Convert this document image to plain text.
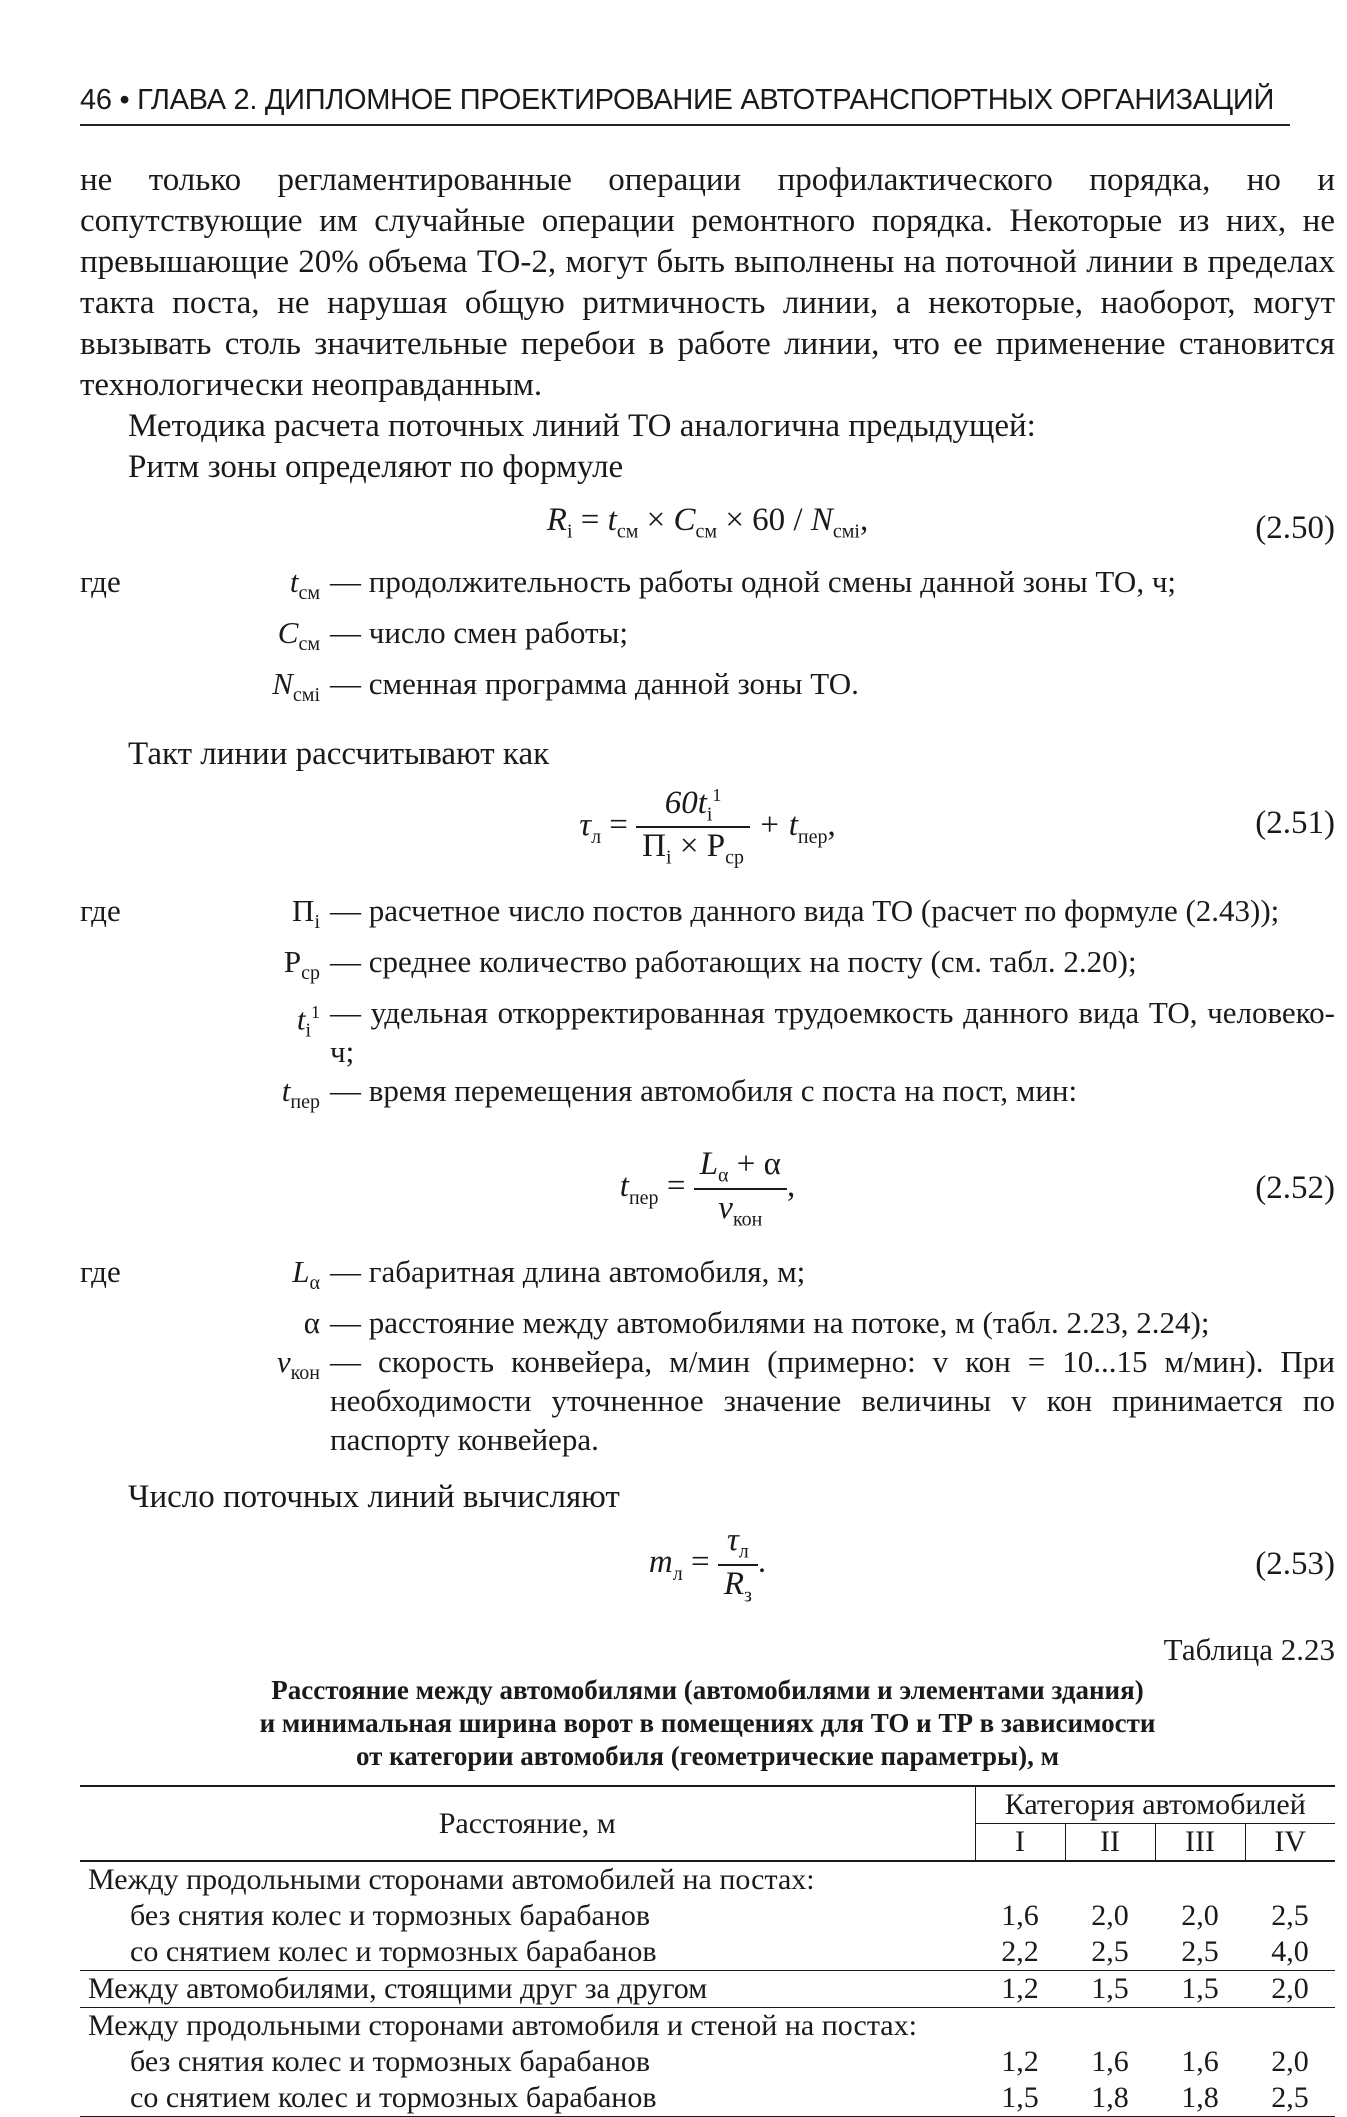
46 • ГЛАВА 2. ДИПЛОМНОЕ ПРОЕКТИРОВАНИЕ АВТОТРАНСПОРТНЫХ ОРГАНИЗАЦИЙ

не только регламентированные операции профилактического порядка, но и сопутствующие им случайные операции ремонтного порядка. Некоторые из них, не превышающие 20% объема ТО-2, могут быть выполнены на поточной линии в пределах такта поста, не нарушая общую ритмичность линии, а некоторые, наоборот, могут вызывать столь значительные перебои в работе линии, что ее применение становится технологически неоправданным.

Методика расчета поточных линий ТО аналогична предыдущей:

Ритм зоны определяют по формуле

$R_i = t_{см} \times C_{см} \times 60 / N_{смi}$,	(2.50)
где	$t_{см}$ — продолжительность работы одной смены данной зоны ТО, ч;
$C_{см}$ — число смен работы;
$N_{смi}$ — сменная программа данной зоны ТО.

Такт линии рассчитывают как

$\tau_л = \frac{60t_i^1}{П_i \times Р_{ср}} + t_{пер}$,	(2.51)
где	$П_i$ — расчетное число постов данного вида ТО (расчет по формуле (2.43));
$Р_{ср}$ — среднее количество работающих на посту (см. табл. 2.20);
$t_i^1$ — удельная откорректированная трудоемкость данного вида ТО, человеко-ч;
$t_{пер}$ — время перемещения автомобиля с поста на пост, мин:
$t_{пер} = \frac{L_\alpha + \alpha}{v_{кон}}$ ,	(2.52)
где	$L_\alpha$ — габаритная длина автомобиля, м;
α — расстояние между автомобилями на потоке, м (табл. 2.23, 2.24);
$v_{кон}$ — скорость конвейера, м/мин (примерно: v кон = 10...15 м/мин). При необходимости уточненное значение величины v кон принимается по паспорту конвейера.

Число поточных линий вычисляют

$m_л = \frac{\tau_л}{R_з}$ .	(2.53)
Таблица 2.23
Расстояние между автомобилями (автомобилями и элементами здания)
и минимальная ширина ворот в помещениях для ТО и ТР в зависимости
от категории автомобиля (геометрические параметры), м
Расстояние, м	Категория автомобилей			
	I	II	III	IV
Между продольными сторонами автомобилей на постах:				
без снятия колес и тормозных барабанов	1,6	2,0	2,0	2,5
со снятием колес и тормозных барабанов	2,2	2,5	2,5	4,0
Между автомобилями, стоящими друг за другом	1,2	1,5	1,5	2,0
Между продольными сторонами автомобиля и стеной на постах:				
без снятия колес и тормозных барабанов	1,2	1,6	1,6	2,0
со снятием колес и тормозных барабанов	1,5	1,8	1,8	2,5
